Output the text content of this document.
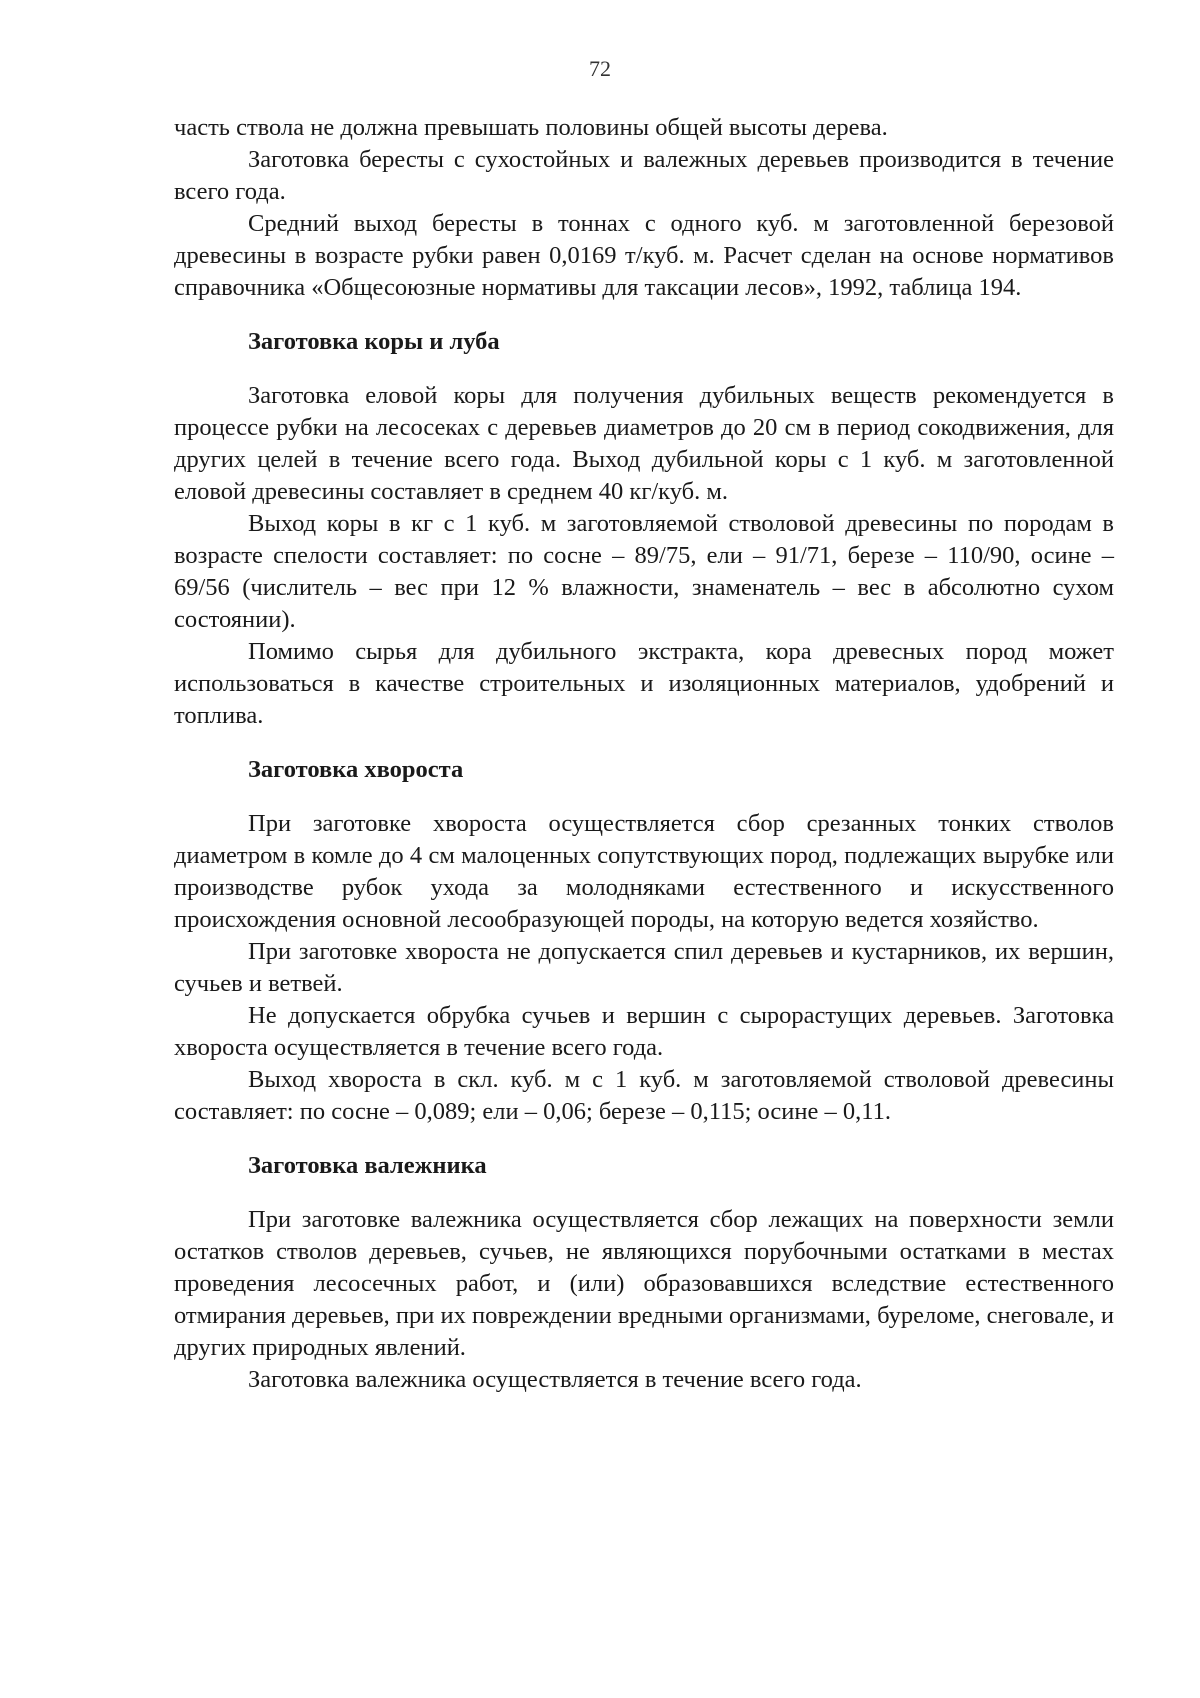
72

часть ствола не должна превышать половины общей высоты дерева.

Заготовка бересты с сухостойных и валежных деревьев производится в течение всего года.

Средний выход бересты в тоннах с одного куб. м заготовленной березовой древесины в возрасте рубки равен 0,0169 т/куб. м. Расчет сделан на основе нормативов справочника «Общесоюзные нормативы для таксации лесов», 1992, таблица 194.

Заготовка коры и луба

Заготовка еловой коры для получения дубильных веществ рекомендуется в процессе рубки на лесосеках с деревьев диаметров до 20 см в период сокодвижения, для других целей в течение всего года. Выход дубильной коры с 1 куб. м заготовленной еловой древесины составляет в среднем 40 кг/куб. м.

Выход коры в кг с 1 куб. м заготовляемой стволовой древесины по породам в возрасте спелости составляет: по сосне – 89/75, ели – 91/71, березе – 110/90, осине – 69/56 (числитель – вес при 12 % влажности, знаменатель – вес в абсолютно сухом состоянии).

Помимо сырья для дубильного экстракта, кора древесных пород может использоваться в качестве строительных и изоляционных материалов, удобрений и топлива.

Заготовка хвороста

При заготовке хвороста осуществляется сбор срезанных тонких стволов диаметром в комле до 4 см малоценных сопутствующих пород, подлежащих вырубке или производстве рубок ухода за молодняками естественного и искусственного происхождения основной лесообразующей породы, на которую ведется хозяйство.

При заготовке хвороста не допускается спил деревьев и кустарников, их вершин, сучьев и ветвей.

Не допускается обрубка сучьев и вершин с сырорастущих деревьев. Заготовка хвороста осуществляется в течение всего года.

Выход хвороста в скл. куб. м с 1 куб. м заготовляемой стволовой древесины составляет: по сосне – 0,089; ели – 0,06; березе – 0,115; осине – 0,11.

Заготовка валежника

При заготовке валежника осуществляется сбор лежащих на поверхности земли остатков стволов деревьев, сучьев, не являющихся порубочными остатками в местах проведения лесосечных работ, и (или) образовавшихся вследствие естественного отмирания деревьев, при их повреждении вредными организмами, буреломе, снеговале, и других природных явлений.

Заготовка валежника осуществляется в течение всего года.
